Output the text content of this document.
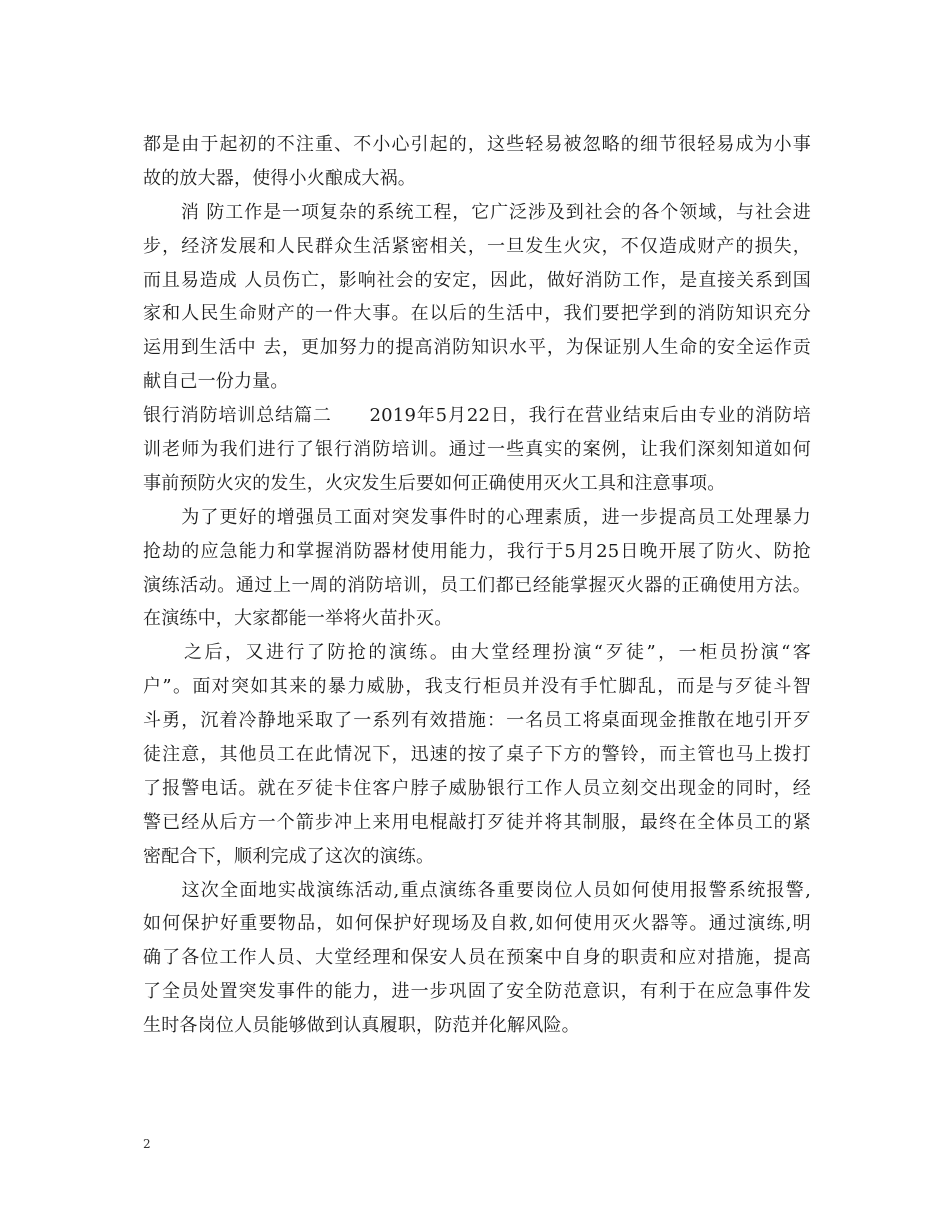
都是由于起初的不注重、不小心引起的，这些轻易被忽略的细节很轻易成为小事
故的放大器，使得小火酿成大祸。
　　消 防工作是一项复杂的系统工程，它广泛涉及到社会的各个领域，与社会进
步，经济发展和人民群众生活紧密相关，一旦发生火灾，不仅造成财产的损失，
而且易造成 人员伤亡，影响社会的安定，因此，做好消防工作，是直接关系到国
家和人民生命财产的一件大事。在以后的生活中，我们要把学到的消防知识充分
运用到生活中 去，更加努力的提高消防知识水平，为保证别人生命的安全运作贡
献自己一份力量。
银行消防培训总结篇二　　2019年5月22日，我行在营业结束后由专业的消防培
训老师为我们进行了银行消防培训。通过一些真实的案例，让我们深刻知道如何
事前预防火灾的发生，火灾发生后要如何正确使用灭火工具和注意事项。
　　为了更好的增强员工面对突发事件时的心理素质，进一步提高员工处理暴力
抢劫的应急能力和掌握消防器材使用能力，我行于5月25日晚开展了防火、防抢
演练活动。通过上一周的消防培训，员工们都已经能掌握灭火器的正确使用方法。
在演练中，大家都能一举将火苗扑灭。
　　之后，又进行了防抢的演练。由大堂经理扮演“歹徒”，一柜员扮演“客
户”。面对突如其来的暴力威胁，我支行柜员并没有手忙脚乱，而是与歹徒斗智
斗勇，沉着冷静地采取了一系列有效措施：一名员工将桌面现金推散在地引开歹
徒注意，其他员工在此情况下，迅速的按了桌子下方的警铃，而主管也马上拨打
了报警电话。就在歹徒卡住客户脖子威胁银行工作人员立刻交出现金的同时，经
警已经从后方一个箭步冲上来用电棍敲打歹徒并将其制服，最终在全体员工的紧
密配合下，顺利完成了这次的演练。
　　这次全面地实战演练活动,重点演练各重要岗位人员如何使用报警系统报警,
如何保护好重要物品，如何保护好现场及自救,如何使用灭火器等。通过演练,明
确了各位工作人员、大堂经理和保安人员在预案中自身的职责和应对措施，提高
了全员处置突发事件的能力，进一步巩固了安全防范意识，有利于在应急事件发
生时各岗位人员能够做到认真履职，防范并化解风险。
2
